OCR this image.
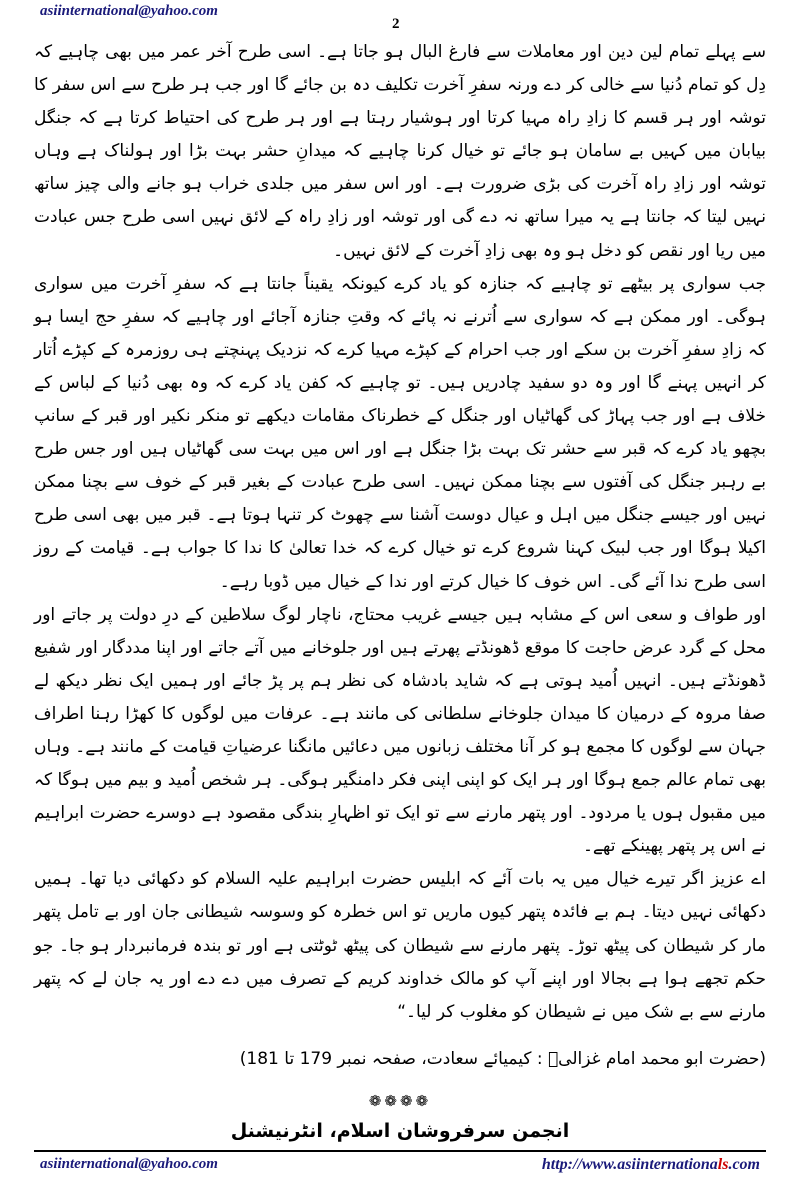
asiinternational@yahoo.com
2

سے پہلے تمام لین دین اور معاملات سے فارغ البال ہو جاتا ہے۔ اسی طرح آخر عمر میں بھی چاہیے کہ دِل کو تمام دُنیا سے خالی کر دے ورنہ سفرِ آخرت تکلیف دہ بن جائے گا اور جب ہر طرح سے اس سفر کا توشہ اور ہر قسم کا زادِ راہ مہیا کرتا اور ہوشیار رہتا ہے اور ہر طرح کی احتیاط کرتا ہے کہ جنگل بیابان میں کہیں بے سامان ہو جائے تو خیال کرنا چاہیے کہ میدانِ حشر بہت بڑا اور ہولناک ہے وہاں توشہ اور زادِ راہ آخرت کی بڑی ضرورت ہے۔ اور اس سفر میں جلدی خراب ہو جانے والی چیز ساتھ نہیں لیتا کہ جانتا ہے یہ میرا ساتھ نہ دے گی اور توشہ اور زادِ راہ کے لائق نہیں اسی طرح جس عبادت میں ریا اور نقص کو دخل ہو وہ بھی زادِ آخرت کے لائق نہیں۔

جب سواری پر بیٹھے تو چاہیے کہ جنازہ کو یاد کرے کیونکہ یقیناً جانتا ہے کہ سفرِ آخرت میں سواری ہوگی۔ اور ممکن ہے کہ سواری سے اُترنے نہ پائے کہ وقتِ جنازہ آجائے اور چاہیے کہ سفرِ حج ایسا ہو کہ زادِ سفرِ آخرت بن سکے اور جب احرام کے کپڑے مہیا کرے کہ نزدیک پہنچتے ہی روزمرہ کے کپڑے اُتار کر انہیں پہنے گا اور وہ دو سفید چادریں ہیں۔ تو چاہیے کہ کفن یاد کرے کہ وہ بھی دُنیا کے لباس کے خلاف ہے اور جب پہاڑ کی گھاٹیاں اور جنگل کے خطرناک مقامات دیکھے تو منکر نکیر اور قبر کے سانپ بچھو یاد کرے کہ قبر سے حشر تک بہت بڑا جنگل ہے اور اس میں بہت سی گھاٹیاں ہیں اور جس طرح بے رہبر جنگل کی آفتوں سے بچنا ممکن نہیں۔ اسی طرح عبادت کے بغیر قبر کے خوف سے بچنا ممکن نہیں اور جیسے جنگل میں اہل و عیال دوست آشنا سے چھوٹ کر تنہا ہوتا ہے۔ قبر میں بھی اسی طرح اکیلا ہوگا اور جب لبیک کہنا شروع کرے تو خیال کرے کہ خدا تعالیٰ کا ندا کا جواب ہے۔ قیامت کے روز اسی طرح ندا آئے گی۔ اس خوف کا خیال کرتے اور ندا کے خیال میں ڈوبا رہے۔

اور طواف و سعی اس کے مشابہ ہیں جیسے غریب محتاج، ناچار لوگ سلاطین کے درِ دولت پر جاتے اور محل کے گرد عرض حاجت کا موقع ڈھونڈتے پھرتے ہیں اور جلوخانے میں آتے جاتے اور اپنا مددگار اور شفیع ڈھونڈتے ہیں۔ انہیں اُمید ہوتی ہے کہ شاید بادشاہ کی نظر ہم پر پڑ جائے اور ہمیں ایک نظر دیکھ لے صفا مروہ کے درمیان کا میدان جلوخانے سلطانی کی مانند ہے۔ عرفات میں لوگوں کا کھڑا رہنا اطراف جہان سے لوگوں کا مجمع ہو کر آنا مختلف زبانوں میں دعائیں مانگنا عرضیاتِ قیامت کے مانند ہے۔ وہاں بھی تمام عالم جمع ہوگا اور ہر ایک کو اپنی اپنی فکر دامنگیر ہوگی۔ ہر شخص اُمید و بیم میں ہوگا کہ میں مقبول ہوں یا مردود۔ اور پتھر مارنے سے تو ایک تو اظہارِ بندگی مقصود ہے دوسرے حضرت ابراہیم نے اس پر پتھر پھینکے تھے۔

اے عزیز اگر تیرے خیال میں یہ بات آئے کہ ابلیس حضرت ابراہیم علیہ السلام کو دکھائی دیا تھا۔ ہمیں دکھائی نہیں دیتا۔ ہم بے فائدہ پتھر کیوں ماریں تو اس خطرہ کو وسوسہ شیطانی جان اور بے تامل پتھر مار کر شیطان کی پیٹھ توڑ۔ پتھر مارنے سے شیطان کی پیٹھ ٹوٹتی ہے اور تو بندہ فرمانبردار ہو جا۔ جو حکم تجھے ہوا ہے بجالا اور اپنے آپ کو مالک خداوند کریم کے تصرف میں دے دے اور یہ جان لے کہ پتھر مارنے سے بے شک میں نے شیطان کو مغلوب کر لیا۔“

(حضرت ابو محمد امام غزالیؒ : کیمیائے سعادت، صفحہ نمبر 179 تا 181)
❁❁❁❁
انجمن سرفروشان اسلام، انٹرنیشنل
asiinternational@yahoo.com	http://www.asiinternationals.com
